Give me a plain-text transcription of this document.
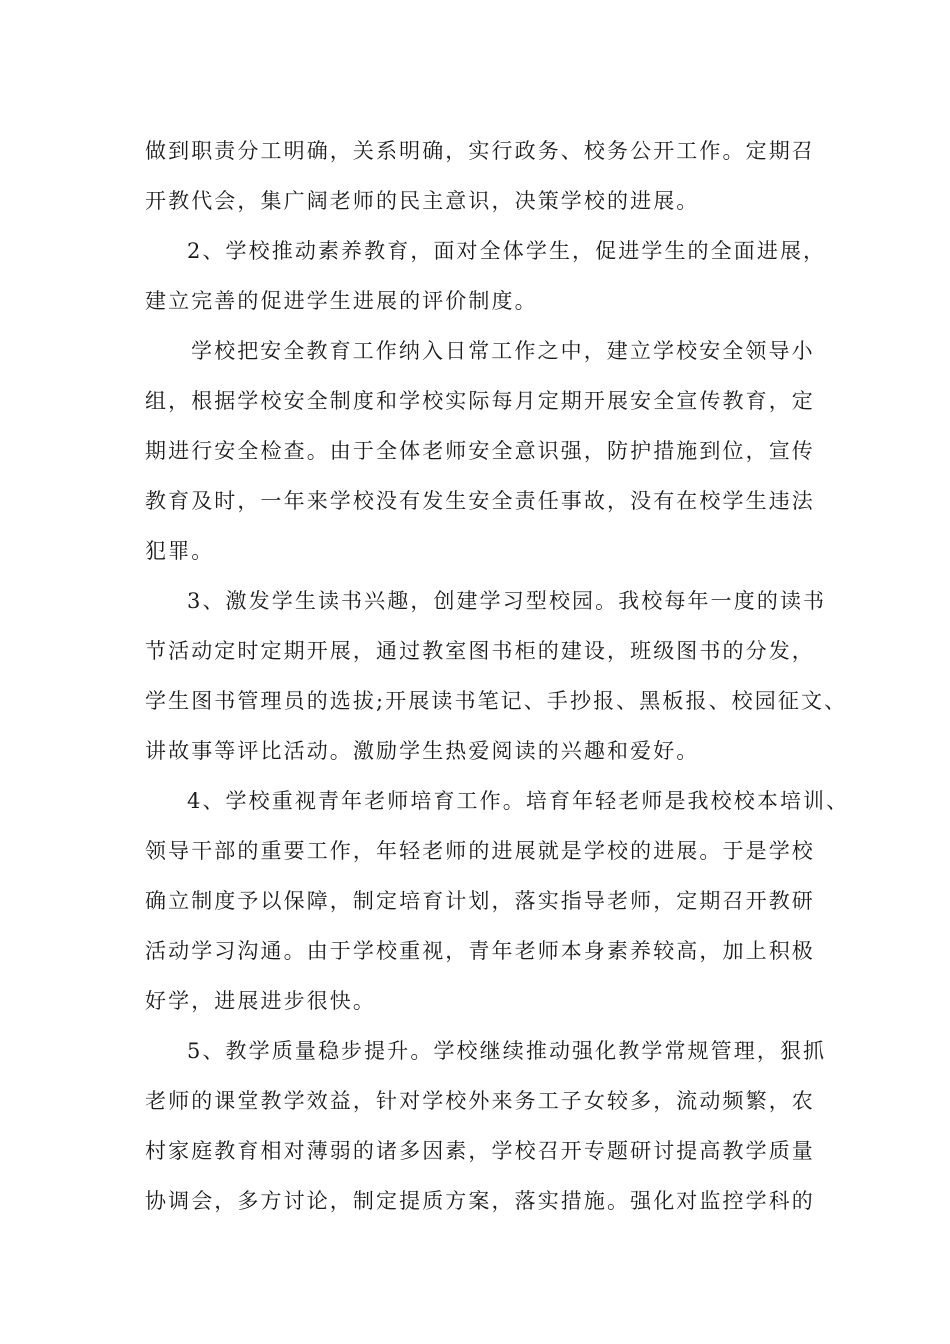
做到职责分工明确，关系明确，实行政务、校务公开工作。定期召

开教代会，集广阔老师的民主意识，决策学校的进展。

2、学校推动素养教育，面对全体学生，促进学生的全面进展，

建立完善的促进学生进展的评价制度。

学校把安全教育工作纳入日常工作之中，建立学校安全领导小

组，根据学校安全制度和学校实际每月定期开展安全宣传教育，定

期进行安全检查。由于全体老师安全意识强，防护措施到位，宣传

教育及时，一年来学校没有发生安全责任事故，没有在校学生违法

犯罪。

3、激发学生读书兴趣，创建学习型校园。我校每年一度的读书

节活动定时定期开展，通过教室图书柜的建设，班级图书的分发，

学生图书管理员的选拔;开展读书笔记、手抄报、黑板报、校园征文、

讲故事等评比活动。激励学生热爱阅读的兴趣和爱好。

4、学校重视青年老师培育工作。培育年轻老师是我校校本培训、

领导干部的重要工作，年轻老师的进展就是学校的进展。于是学校

确立制度予以保障，制定培育计划，落实指导老师，定期召开教研

活动学习沟通。由于学校重视，青年老师本身素养较高，加上积极

好学，进展进步很快。

5、教学质量稳步提升。学校继续推动强化教学常规管理，狠抓

老师的课堂教学效益，针对学校外来务工子女较多，流动频繁，农

村家庭教育相对薄弱的诸多因素，学校召开专题研讨提高教学质量

协调会，多方讨论，制定提质方案，落实措施。强化对监控学科的
